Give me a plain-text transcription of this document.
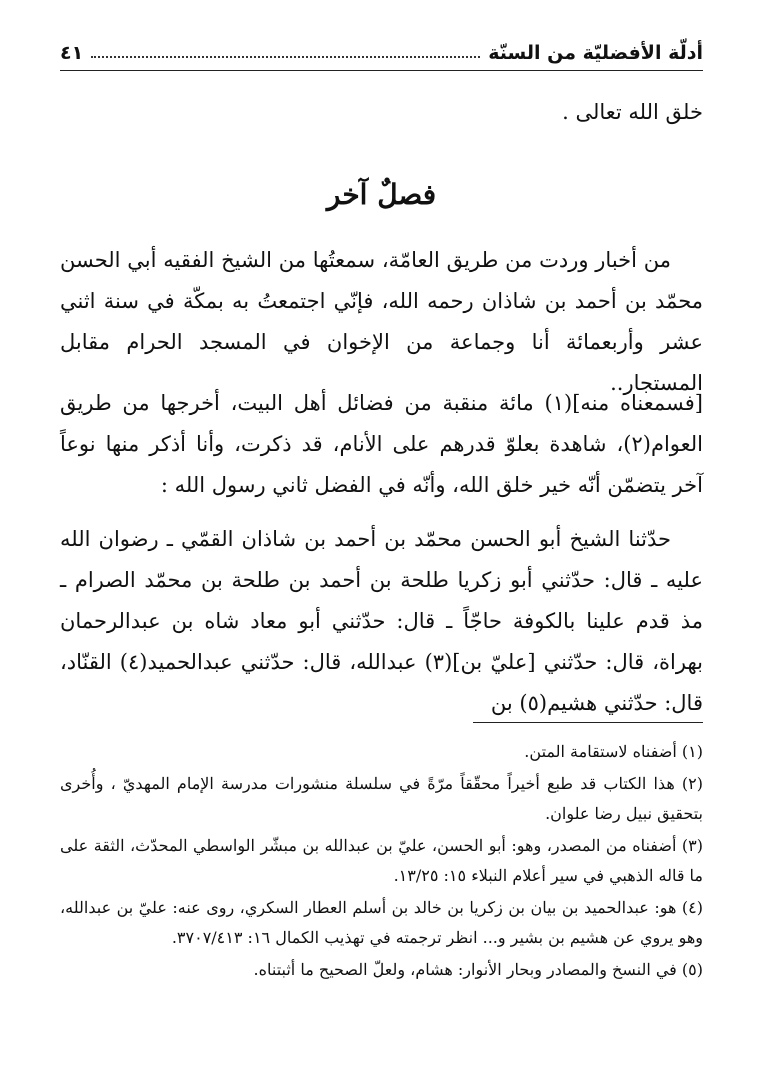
أدلّة الأفضليّة من السنّة
٤١
خلق الله تعالى .
فصلٌ آخر
من أخبار وردت من طريق العامّة، سمعتُها من الشيخ الفقيه أبي الحسن محمّد بن أحمد بن شاذان رحمه الله، فإنّي اجتمعتُ به بمكّة في سنة اثني عشر وأربعمائة أنا وجماعة من الإخوان في المسجد الحرام مقابل المستجار..
[فسمعناه منه](١) مائة منقبة من فضائل أهل البيت، أخرجها من طريق العوام(٢)، شاهدة بعلوّ قدرهم على الأنام، قد ذكرت، وأنا أذكر منها نوعاً آخر يتضمّن أنّه خير خلق الله، وأنّه في الفضل ثاني رسول الله :
حدّثنا الشيخ أبو الحسن محمّد بن أحمد بن شاذان القمّي ـ رضوان الله عليه ـ قال: حدّثني أبو زكريا طلحة بن أحمد بن طلحة بن محمّد الصرام ـ مذ قدم علينا بالكوفة حاجّاً ـ قال: حدّثني أبو معاد شاه بن عبدالرحمان بهراة، قال: حدّثني [عليّ بن](٣) عبدالله، قال: حدّثني عبدالحميد(٤) القنّاد، قال: حدّثني هشيم(٥) بن
(١) أضفناه لاستقامة المتن.
(٢) هذا الكتاب قد طبع أخيراً محقّقاً مرّةً في سلسلة منشورات مدرسة الإمام المهديّ ، وأُخرى بتحقيق نبيل رضا علوان.
(٣) أضفناه من المصدر، وهو: أبو الحسن، عليّ بن عبدالله بن مبشّر الواسطي المحدّث، الثقة على ما قاله الذهبي في سير أعلام النبلاء ١٥: ١٣/٢٥.
(٤) هو: عبدالحميد بن بيان بن زكريا بن خالد بن أسلم العطار السكري، روى عنه: عليّ بن عبدالله، وهو يروي عن هشيم بن بشير و... انظر ترجمته في تهذيب الكمال ١٦: ٣٧٠٧/٤١٣.
(٥) في النسخ والمصادر وبحار الأنوار: هشام، ولعلّ الصحيح ما أثبتناه.
